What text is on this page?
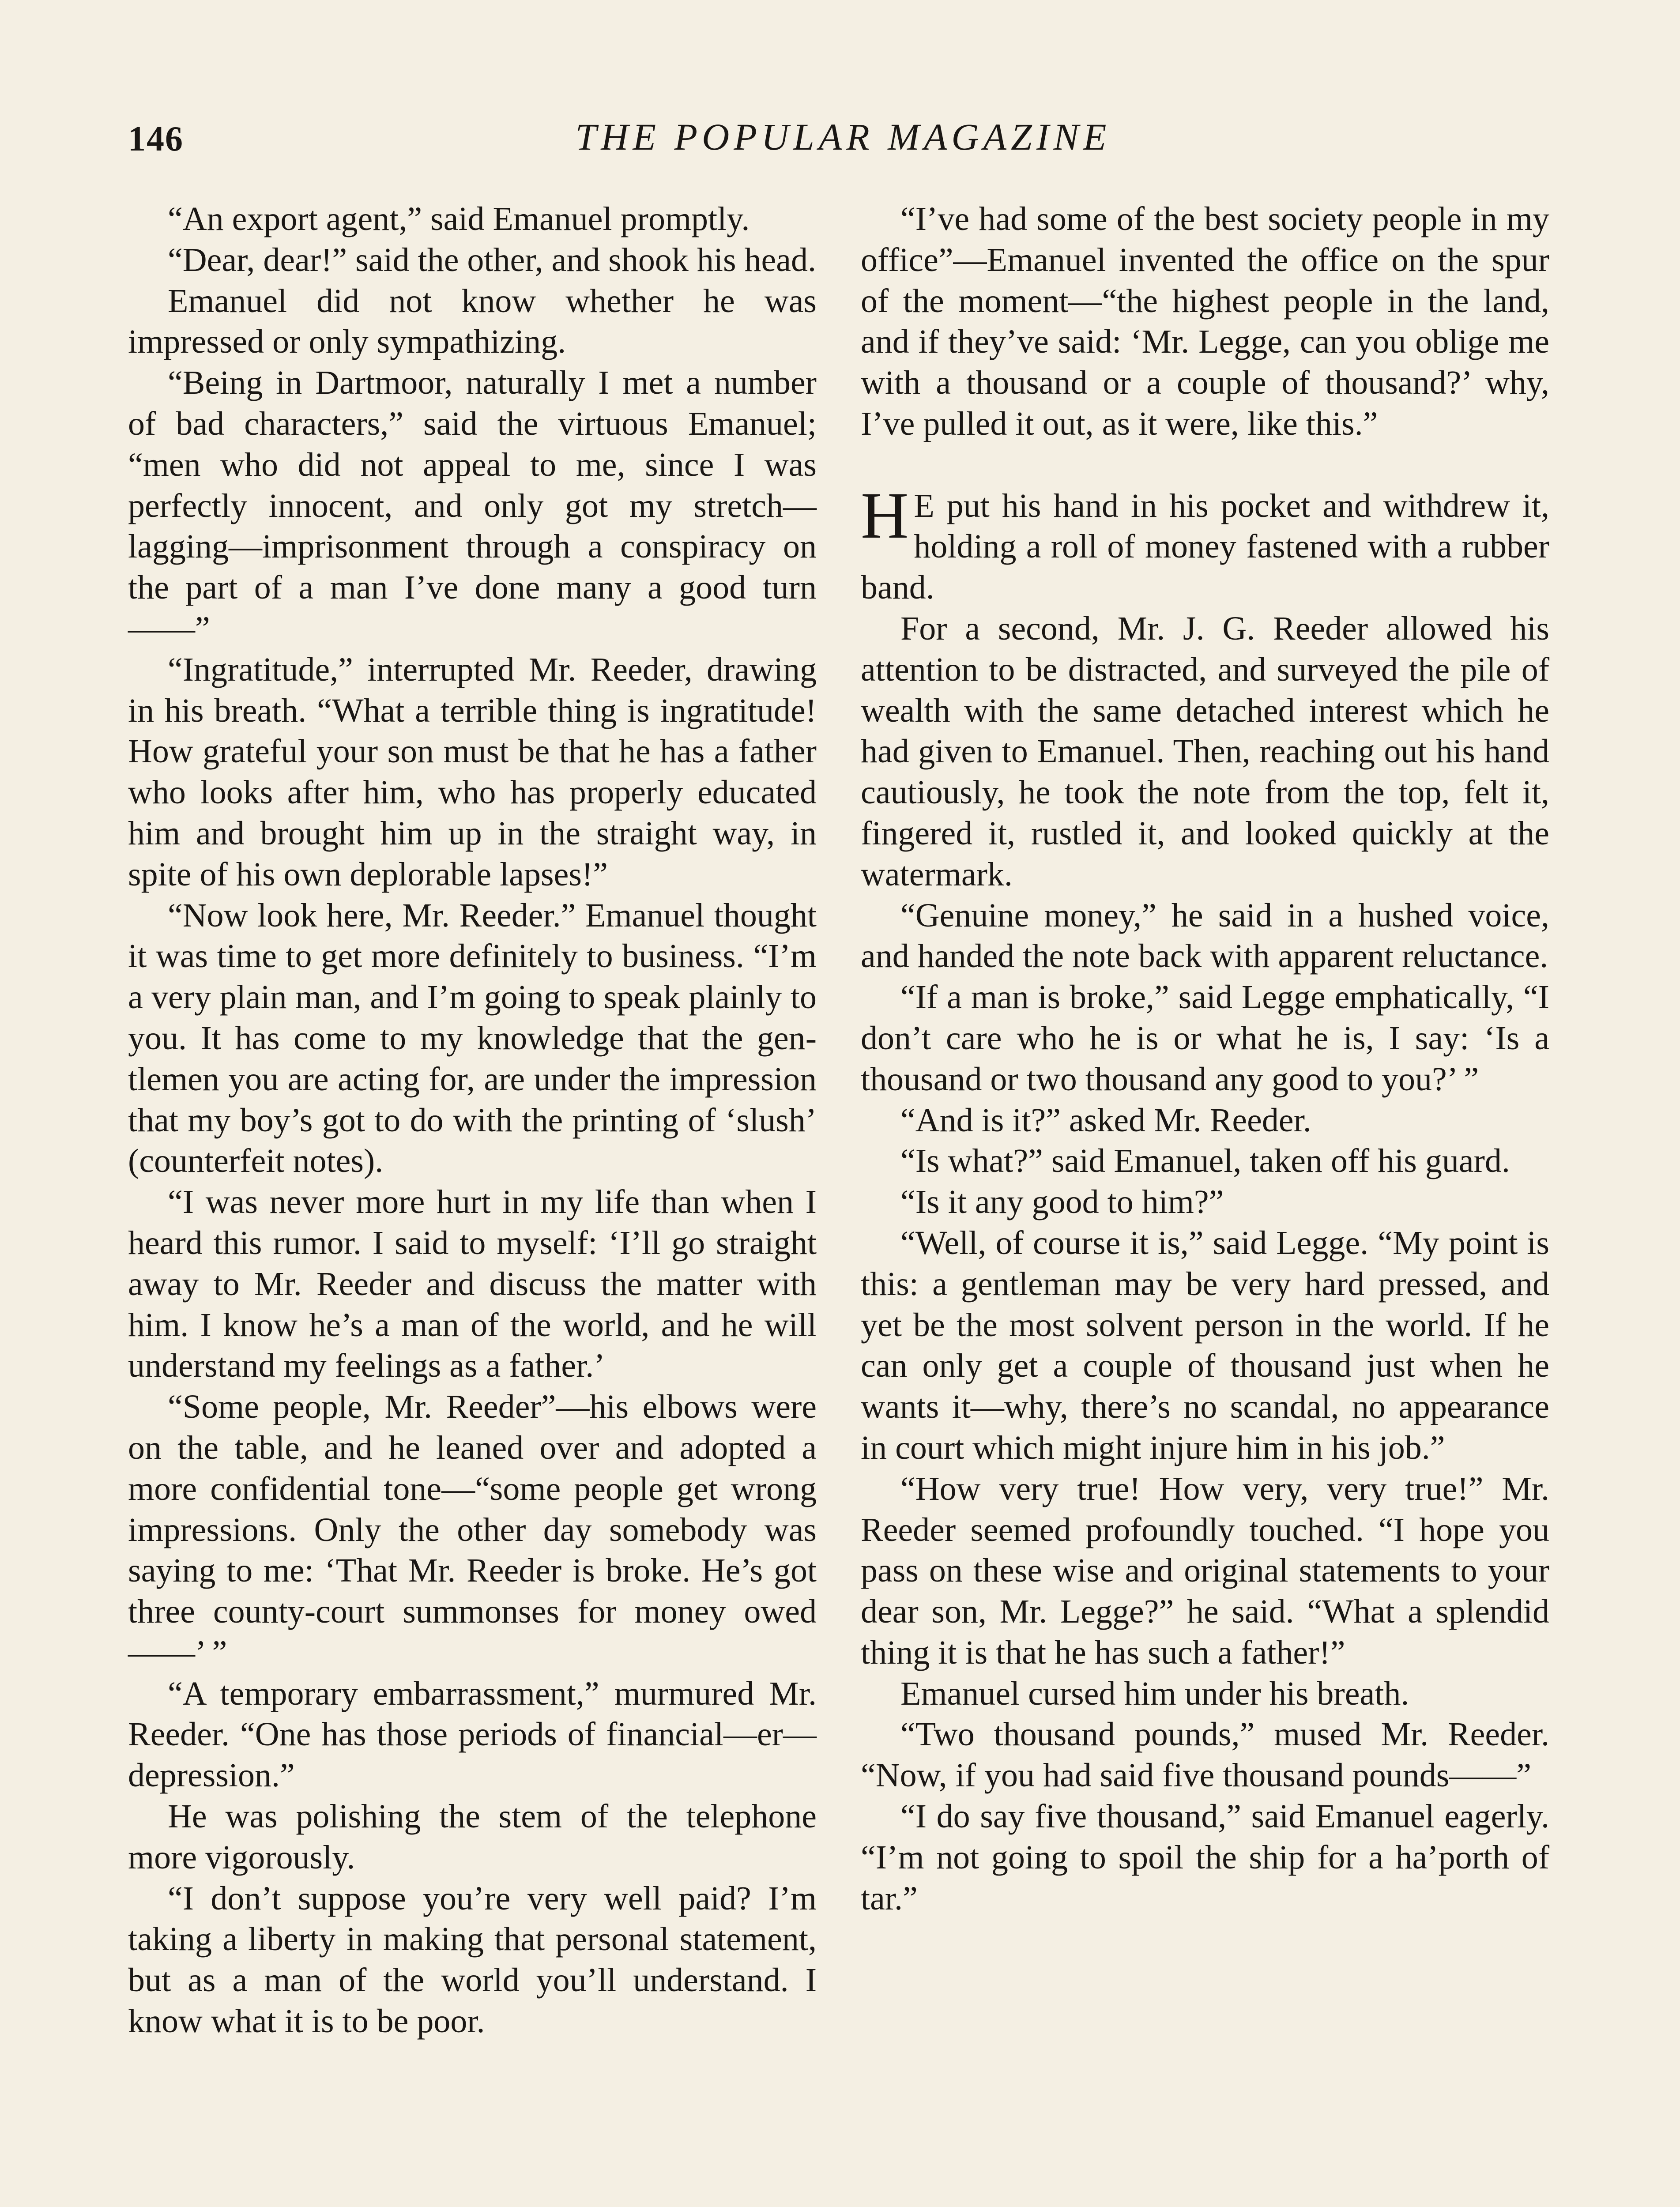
146	THE POPULAR MAGAZINE

“An export agent,” said Emanuel promptly.

“Dear, dear!” said the other, and shook his head.

Emanuel did not know whether he was impressed or only sympathizing.

“Being in Dartmoor, naturally I met a number of bad characters,” said the virtuous Emanuel; “men who did not appeal to me, since I was perfectly innocent, and only got my stretch—lagging—imprisonment through a conspiracy on the part of a man I’ve done many a good turn——”

“Ingratitude,” interrupted Mr. Reeder, drawing in his breath. “What a terrible thing is ingratitude! How grateful your son must be that he has a father who looks after him, who has properly educated him and brought him up in the straight way, in spite of his own deplorable lapses!”

“Now look here, Mr. Reeder.” Emanuel thought it was time to get more definitely to business. “I’m a very plain man, and I’m going to speak plainly to you. It has come to my knowledge that the gentlemen you are acting for, are under the impression that my boy’s got to do with the printing of ‘slush’ (counterfeit notes).

“I was never more hurt in my life than when I heard this rumor. I said to myself: ‘I’ll go straight away to Mr. Reeder and discuss the matter with him. I know he’s a man of the world, and he will understand my feelings as a father.’

“Some people, Mr. Reeder”—his elbows were on the table, and he leaned over and adopted a more confidential tone—“some people get wrong impressions. Only the other day somebody was saying to me: ‘That Mr. Reeder is broke. He’s got three county-court summonses for money owed——’ ”

“A temporary embarrassment,” murmured Mr. Reeder. “One has those periods of financial—er—depression.”

He was polishing the stem of the telephone more vigorously.

“I don’t suppose you’re very well paid? I’m taking a liberty in making that personal statement, but as a man of the world you’ll understand. I know what it is to be poor.

“I’ve had some of the best society people in my office”—Emanuel invented the office on the spur of the moment—“the highest people in the land, and if they’ve said: ‘Mr. Legge, can you oblige me with a thousand or a couple of thousand?’ why, I’ve pulled it out, as it were, like this.”

H E put his hand in his pocket and withdrew it, holding a roll of money fastened with a rubber band.

For a second, Mr. J. G. Reeder allowed his attention to be distracted, and surveyed the pile of wealth with the same detached interest which he had given to Emanuel. Then, reaching out his hand cautiously, he took the note from the top, felt it, fingered it, rustled it, and looked quickly at the watermark.

“Genuine money,” he said in a hushed voice, and handed the note back with apparent reluctance.

“If a man is broke,” said Legge emphatically, “I don’t care who he is or what he is, I say: ‘Is a thousand or two thousand any good to you?’ ”

“And is it?” asked Mr. Reeder.

“Is what?” said Emanuel, taken off his guard.

“Is it any good to him?”

“Well, of course it is,” said Legge. “My point is this: a gentleman may be very hard pressed, and yet be the most solvent person in the world. If he can only get a couple of thousand just when he wants it—why, there’s no scandal, no appearance in court which might injure him in his job.”

“How very true! How very, very true!” Mr. Reeder seemed profoundly touched. “I hope you pass on these wise and original statements to your dear son, Mr. Legge?” he said. “What a splendid thing it is that he has such a father!”

Emanuel cursed him under his breath.

“Two thousand pounds,” mused Mr. Reeder. “Now, if you had said five thousand pounds——”

“I do say five thousand,” said Emanuel eagerly. “I’m not going to spoil the ship for a ha’porth of tar.”
